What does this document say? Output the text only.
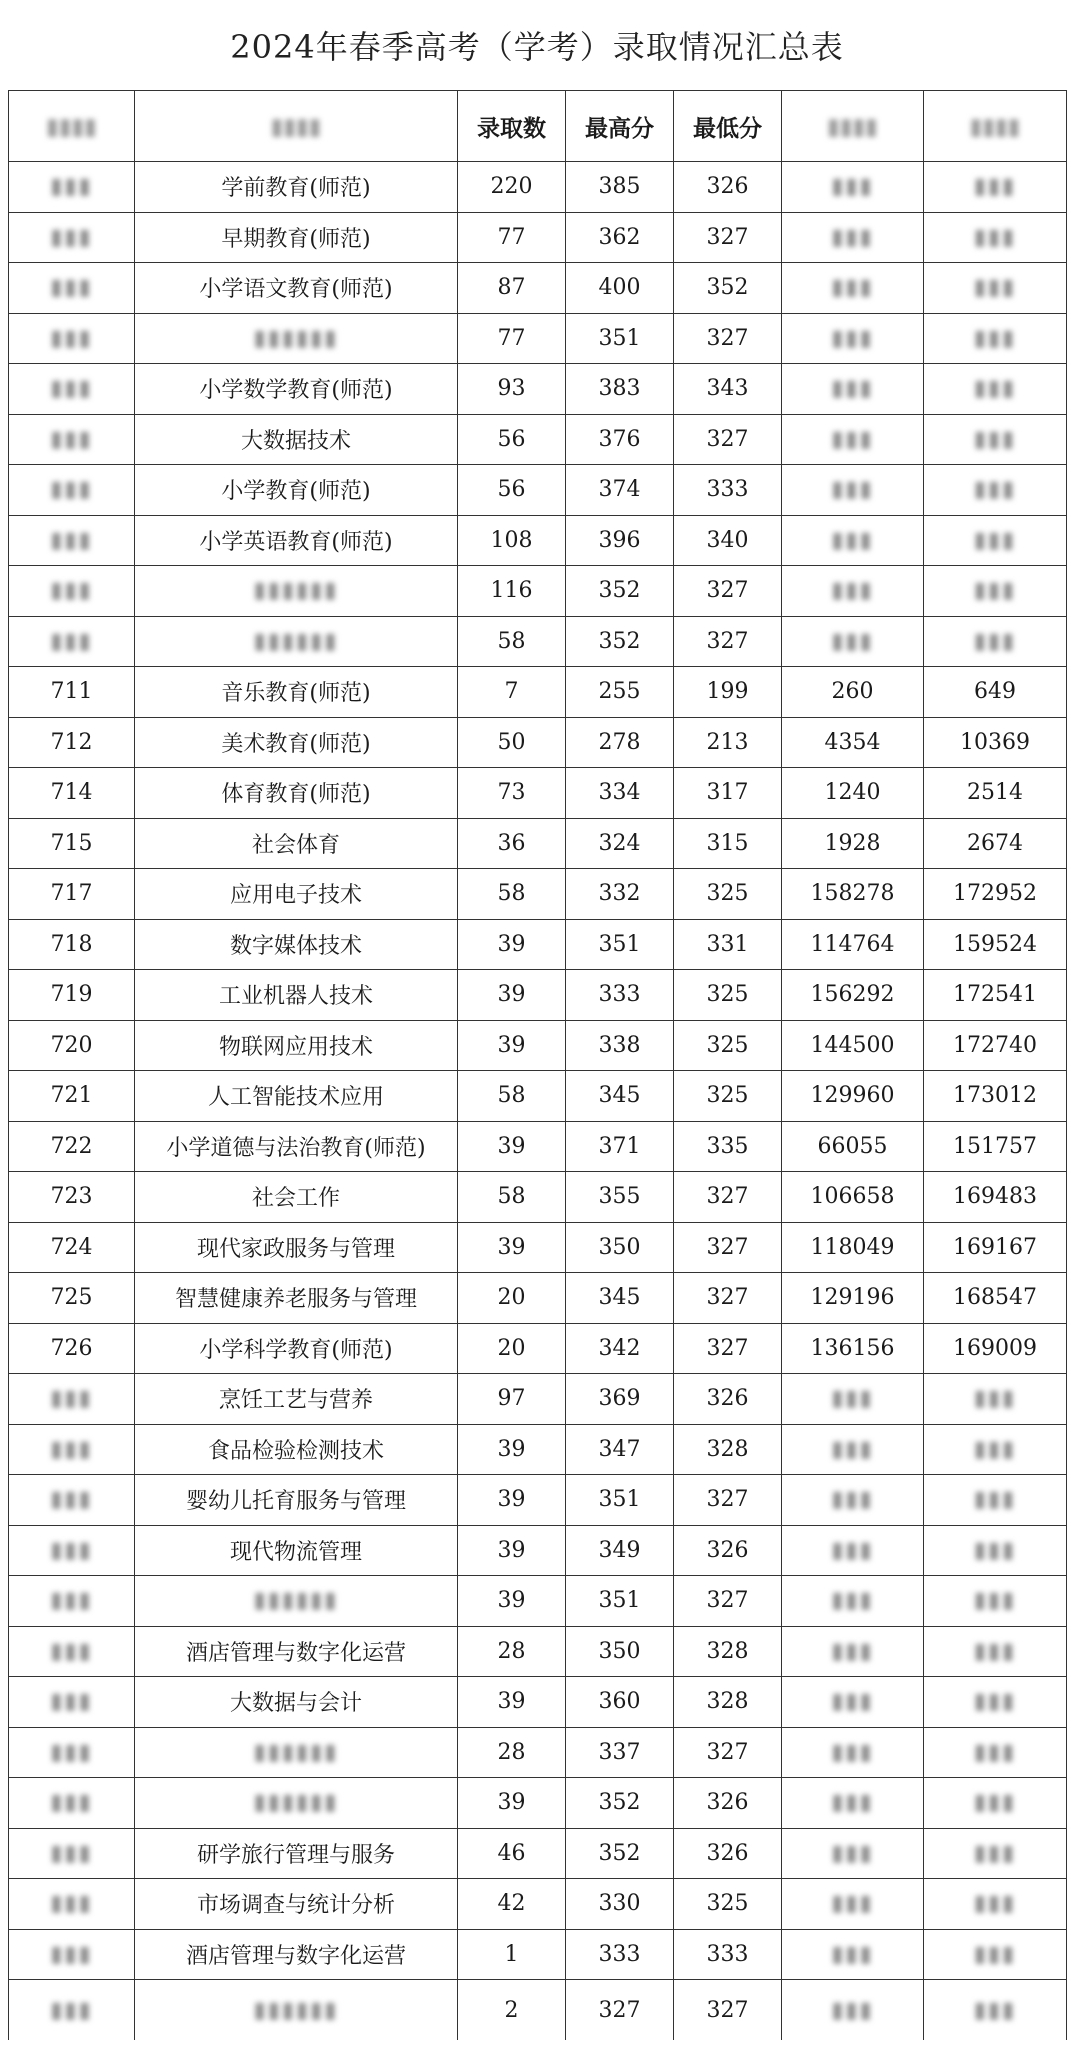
2024年春季高考（学考）录取情况汇总表
▮▮▮▮	▮▮▮▮	录取数	最高分	最低分	▮▮▮▮	▮▮▮▮
▮▮▮	学前教育(师范)	220	385	326	▮▮▮	▮▮▮
▮▮▮	早期教育(师范)	77	362	327	▮▮▮	▮▮▮
▮▮▮	小学语文教育(师范)	87	400	352	▮▮▮	▮▮▮
▮▮▮	▮▮▮▮▮▮	77	351	327	▮▮▮	▮▮▮
▮▮▮	小学数学教育(师范)	93	383	343	▮▮▮	▮▮▮
▮▮▮	大数据技术	56	376	327	▮▮▮	▮▮▮
▮▮▮	小学教育(师范)	56	374	333	▮▮▮	▮▮▮
▮▮▮	小学英语教育(师范)	108	396	340	▮▮▮	▮▮▮
▮▮▮	▮▮▮▮▮▮	116	352	327	▮▮▮	▮▮▮
▮▮▮	▮▮▮▮▮▮	58	352	327	▮▮▮	▮▮▮
711	音乐教育(师范)	7	255	199	260	649
712	美术教育(师范)	50	278	213	4354	10369
714	体育教育(师范)	73	334	317	1240	2514
715	社会体育	36	324	315	1928	2674
717	应用电子技术	58	332	325	158278	172952
718	数字媒体技术	39	351	331	114764	159524
719	工业机器人技术	39	333	325	156292	172541
720	物联网应用技术	39	338	325	144500	172740
721	人工智能技术应用	58	345	325	129960	173012
722	小学道德与法治教育(师范)	39	371	335	66055	151757
723	社会工作	58	355	327	106658	169483
724	现代家政服务与管理	39	350	327	118049	169167
725	智慧健康养老服务与管理	20	345	327	129196	168547
726	小学科学教育(师范)	20	342	327	136156	169009
▮▮▮	烹饪工艺与营养	97	369	326	▮▮▮	▮▮▮
▮▮▮	食品检验检测技术	39	347	328	▮▮▮	▮▮▮
▮▮▮	婴幼儿托育服务与管理	39	351	327	▮▮▮	▮▮▮
▮▮▮	现代物流管理	39	349	326	▮▮▮	▮▮▮
▮▮▮	▮▮▮▮▮▮	39	351	327	▮▮▮	▮▮▮
▮▮▮	酒店管理与数字化运营	28	350	328	▮▮▮	▮▮▮
▮▮▮	大数据与会计	39	360	328	▮▮▮	▮▮▮
▮▮▮	▮▮▮▮▮▮	28	337	327	▮▮▮	▮▮▮
▮▮▮	▮▮▮▮▮▮	39	352	326	▮▮▮	▮▮▮
▮▮▮	研学旅行管理与服务	46	352	326	▮▮▮	▮▮▮
▮▮▮	市场调查与统计分析	42	330	325	▮▮▮	▮▮▮
▮▮▮	酒店管理与数字化运营	1	333	333	▮▮▮	▮▮▮
▮▮▮	▮▮▮▮▮▮	2	327	327	▮▮▮	▮▮▮
